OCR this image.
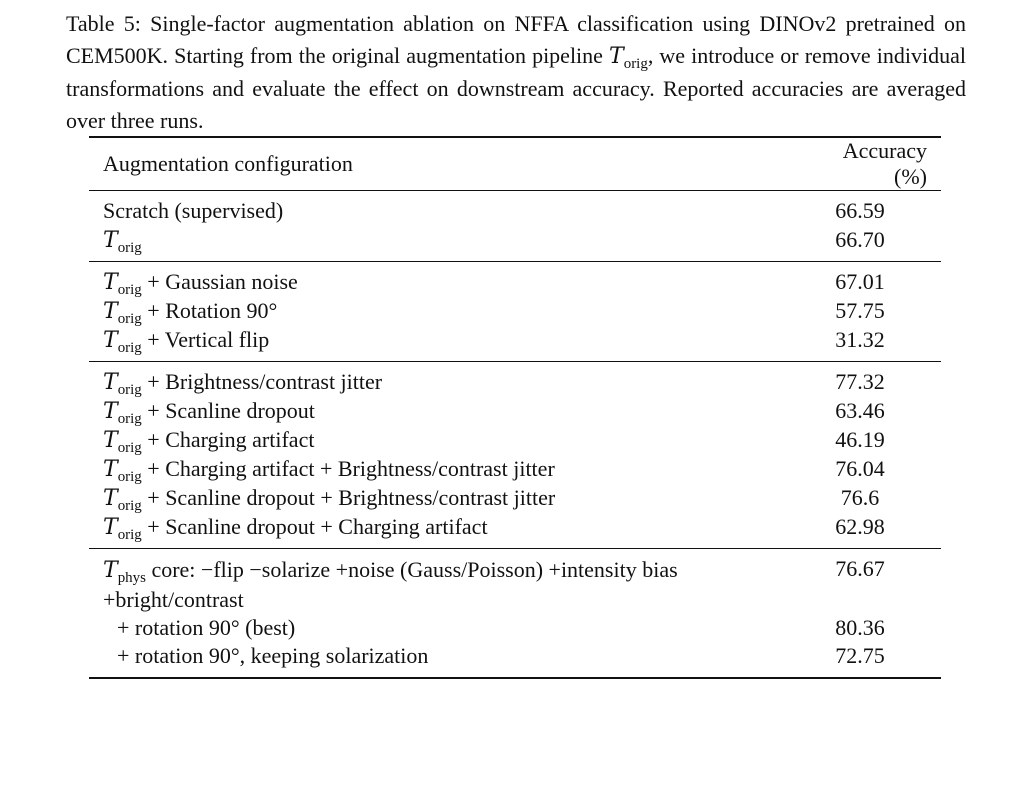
Table 5: Single-factor augmentation ablation on NFFA classification using DINOv2 pretrained on CEM500K. Starting from the original augmentation pipeline $T_{orig}$, we introduce or remove individual transformations and evaluate the effect on downstream accuracy. Reported accuracies are averaged over three runs.
Augmentation configuration	Accuracy (%)
Scratch (supervised)	66.59
$T_{orig}$	66.70
$T_{orig}$ + Gaussian noise	67.01
$T_{orig}$ + Rotation 90°	57.75
$T_{orig}$ + Vertical flip	31.32
$T_{orig}$ + Brightness/contrast jitter	77.32
$T_{orig}$ + Scanline dropout	63.46
$T_{orig}$ + Charging artifact	46.19
$T_{orig}$ + Charging artifact + Brightness/contrast jitter	76.04
$T_{orig}$ + Scanline dropout + Brightness/contrast jitter	76.6
$T_{orig}$ + Scanline dropout + Charging artifact	62.98
$T_{phys}$ core: −flip −solarize +noise (Gauss/Poisson) +intensity bias +bright/contrast	76.67
+ rotation 90° (best)	80.36
+ rotation 90°, keeping solarization	72.75
